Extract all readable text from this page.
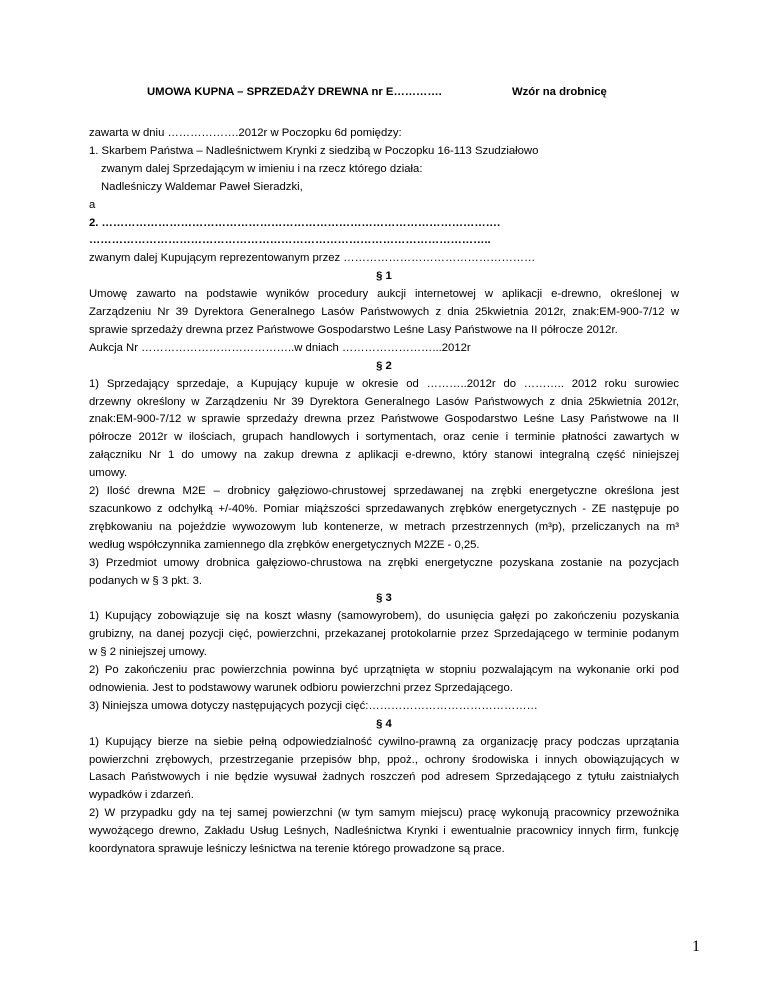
UMOWA KUPNA – SPRZEDAŻY DREWNA nr E………….	Wzór na drobnicę
zawarta w dniu ……………….2012r w Poczopku 6d pomiędzy:
1. Skarbem Państwa – Nadleśnictwem Krynki z siedzibą w Poczopku 16-113 Szudziałowo
zwanym dalej Sprzedającym w imieniu i na rzecz którego działa:
Nadleśniczy Waldemar Paweł Sieradzki,
a
2. …………………………………………………………………………………………….
……………………………………………………………………………………………..
zwanym dalej Kupującym reprezentowanym przez ……………………………………………
§ 1
Umowę zawarto na podstawie wyników procedury aukcji internetowej w aplikacji e-drewno, określonej w
Zarządzeniu Nr 39 Dyrektora Generalnego Lasów Państwowych z dnia 25kwietnia 2012r, znak:EM-900-7/12 w
sprawie sprzedaży drewna przez Państwowe Gospodarstwo Leśne Lasy Państwowe na II półrocze 2012r.
Aukcja Nr …………………………………..w dniach ……………………...2012r
§ 2
1) Sprzedający sprzedaje, a Kupujący kupuje w okresie od ………..2012r do ……….. 2012 roku surowiec
drzewny określony w Zarządzeniu Nr 39 Dyrektora Generalnego Lasów Państwowych z dnia 25kwietnia 2012r,
znak:EM-900-7/12 w sprawie sprzedaży drewna przez Państwowe Gospodarstwo Leśne Lasy Państwowe na II
półrocze 2012r w ilościach, grupach handlowych i sortymentach, oraz cenie i terminie płatności zawartych w
załączniku Nr 1 do umowy na zakup drewna z aplikacji e-drewno, który stanowi integralną część niniejszej
umowy.
2) Ilość drewna M2E – drobnicy gałęziowo-chrustowej sprzedawanej na zrębki energetyczne określona jest
szacunkowo z odchyłką +/-40%. Pomiar miąższości sprzedawanych zrębków energetycznych - ZE następuje po
zrębkowaniu na pojeździe wywozowym lub kontenerze, w metrach przestrzennych (m³p), przeliczanych na m³
według współczynnika zamiennego dla zrębków energetycznych M2ZE - 0,25.
3) Przedmiot umowy drobnica gałęziowo-chrustowa na zrębki energetyczne pozyskana zostanie na pozycjach
podanych w § 3 pkt. 3.
§ 3
1) Kupujący zobowiązuje się na koszt własny (samowyrobem), do usunięcia gałęzi po zakończeniu pozyskania
grubizny, na danej pozycji cięć, powierzchni, przekazanej protokolarnie przez Sprzedającego w terminie podanym
w § 2 niniejszej umowy.
2) Po zakończeniu prac powierzchnia powinna być uprzątnięta w stopniu pozwalającym na wykonanie orki pod
odnowienia. Jest to podstawowy warunek odbioru powierzchni przez Sprzedającego.
3) Niniejsza umowa dotyczy następujących pozycji cięć:………………………………………
§ 4
1) Kupujący bierze na siebie pełną odpowiedzialność cywilno-prawną za organizację pracy podczas uprzątania
powierzchni zrębowych, przestrzeganie przepisów bhp, ppoż., ochrony środowiska i innych obowiązujących w
Lasach Państwowych i nie będzie wysuwał żadnych roszczeń pod adresem Sprzedającego z tytułu zaistniałych
wypadków i zdarzeń.
2) W przypadku gdy na tej samej powierzchni (w tym samym miejscu) pracę wykonują pracownicy przewoźnika
wywożącego drewno, Zakładu Usług Leśnych, Nadleśnictwa Krynki i ewentualnie pracownicy innych firm, funkcję
koordynatora sprawuje leśniczy leśnictwa na terenie którego prowadzone są prace.
1
